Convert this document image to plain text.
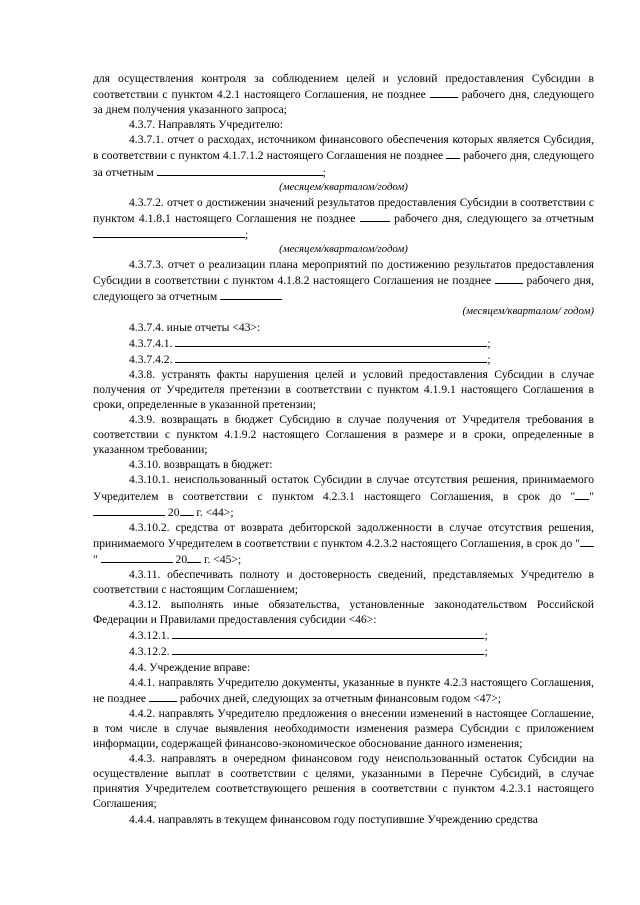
для осуществления контроля за соблюдением целей и условий предоставления Субсидии в соответствии с пунктом 4.2.1 настоящего Соглашения, не позднее  рабочего дня, следующего за днем получения указанного запроса;

4.3.7. Направлять Учредителю:

4.3.7.1. отчет о расходах, источником финансового обеспечения которых является Субсидия, в соответствии с пунктом 4.1.7.1.2 настоящего Соглашения не позднее  рабочего дня, следующего за отчетным	;

(месяцем/кварталом/годом)

4.3.7.2. отчет о достижении значений результатов предоставления Субсидии в соответствии с пунктом 4.1.8.1 настоящего Соглашения не позднее	рабочего дня, следующего за отчетным ;

(месяцем/кварталом/годом)

4.3.7.3. отчет о реализации плана мероприятий по достижению результатов предоставления Субсидии в соответствии с пунктом 4.1.8.2 настоящего Соглашения не позднее  рабочего дня, следующего за отчетным

(месяцем/кварталом/ годом)

4.3.7.4. иные отчеты <43>:

4.3.7.4.1.	;

4.3.7.4.2.	;

4.3.8. устранять факты нарушения целей и условий предоставления Субсидии в случае получения от Учредителя претензии в соответствии с пунктом 4.1.9.1 настоящего Соглашения в сроки, определенные в указанной претензии;

4.3.9. возвращать в бюджет Субсидию в случае получения от Учредителя требования в соответствии с пунктом 4.1.9.2 настоящего Соглашения в размере и в сроки, определенные в указанном требовании;

4.3.10. возвращать в бюджет:

4.3.10.1. неиспользованный остаток Субсидии в случае отсутствия решения, принимаемого Учредителем в соответствии с пунктом 4.2.3.1 настоящего Соглашения, в срок до " "  20 г. <44>;

4.3.10.2. средства от возврата дебиторской задолженности в случае отсутствия решения, принимаемого Учредителем в соответствии с пунктом 4.2.3.2 настоящего Соглашения, в срок до ""	20 г. <45>;

4.3.11. обеспечивать полноту и достоверность сведений, представляемых Учредителю в соответствии с настоящим Соглашением;

4.3.12. выполнять иные обязательства, установленные законодательством Российской Федерации и Правилами предоставления субсидии <46>:

4.3.12.1.	;

4.3.12.2.	;

4.4. Учреждение вправе:

4.4.1. направлять Учредителю документы, указанные в пункте 4.2.3 настоящего Соглашения, не позднее  рабочих дней, следующих за отчетным финансовым годом <47>;

4.4.2. направлять Учредителю предложения о внесении изменений в настоящее Соглашение, в том числе в случае выявления необходимости изменения размера Субсидии с приложением информации, содержащей финансово-экономическое обоснование данного изменения;

4.4.3. направлять в очередном финансовом году неиспользованный остаток Субсидии на осуществление выплат в соответствии с целями, указанными в Перечне Субсидий, в случае принятия Учредителем соответствующего решения в соответствии с пунктом 4.2.3.1 настоящего Соглашения;

4.4.4. направлять в текущем финансовом году поступившие Учреждению средства
